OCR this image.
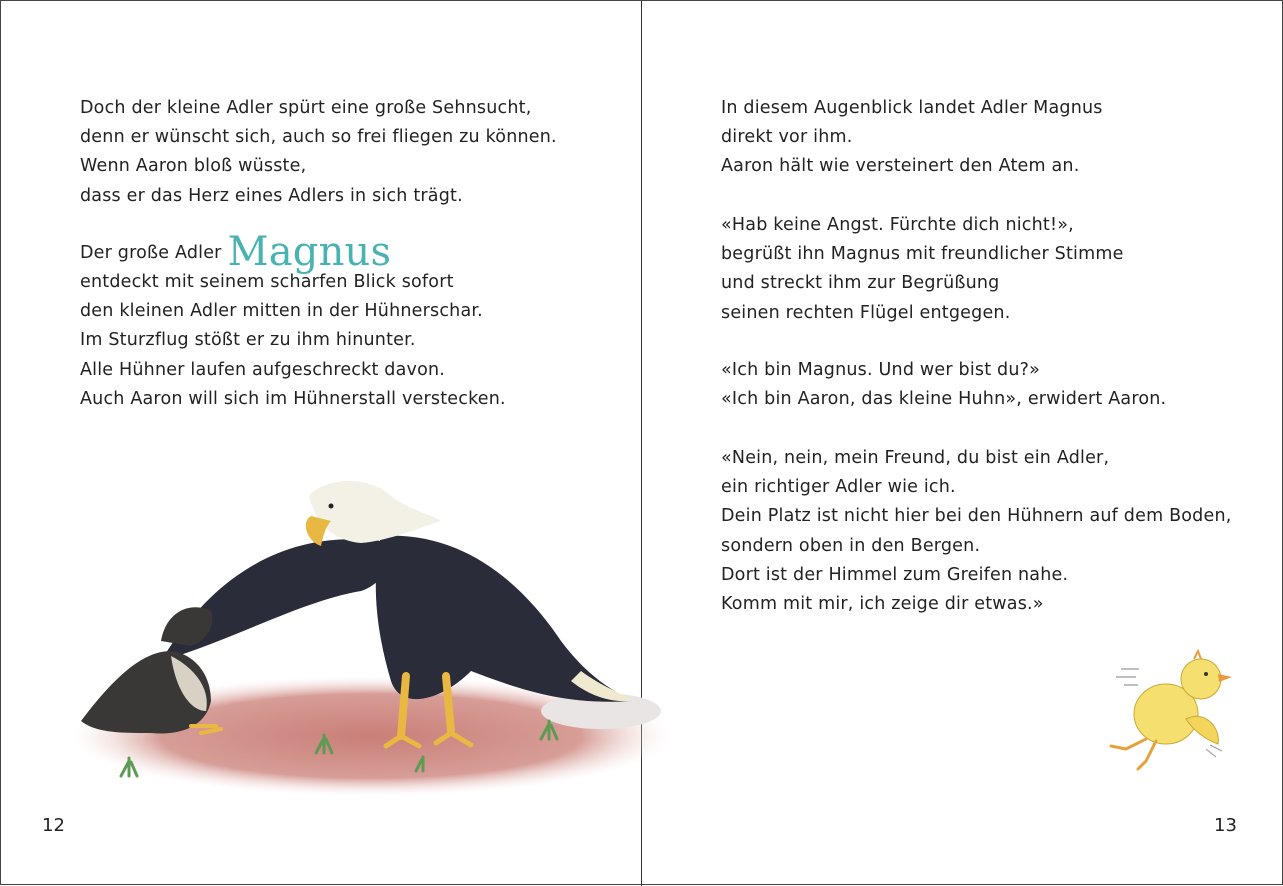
Doch der kleine Adler spürt eine große Sehnsucht,

denn er wünscht sich, auch so frei fliegen zu können.

Wenn Aaron bloß wüsste,

dass er das Herz eines Adlers in sich trägt.

Der große Adler Magnus

entdeckt mit seinem scharfen Blick sofort

den kleinen Adler mitten in der Hühnerschar.

Im Sturzflug stößt er zu ihm hinunter.

Alle Hühner laufen aufgeschreckt davon.

Auch Aaron will sich im Hühnerstall verstecken.

12

In diesem Augenblick landet Adler Magnus

direkt vor ihm.

Aaron hält wie versteinert den Atem an.

«Hab keine Angst. Fürchte dich nicht!»,

begrüßt ihn Magnus mit freundlicher Stimme

und streckt ihm zur Begrüßung

seinen rechten Flügel entgegen.

«Ich bin Magnus. Und wer bist du?»

«Ich bin Aaron, das kleine Huhn», erwidert Aaron.

«Nein, nein, mein Freund, du bist ein Adler,

ein richtiger Adler wie ich.

Dein Platz ist nicht hier bei den Hühnern auf dem Boden,

sondern oben in den Bergen.

Dort ist der Himmel zum Greifen nahe.

Komm mit mir, ich zeige dir etwas.»

13
